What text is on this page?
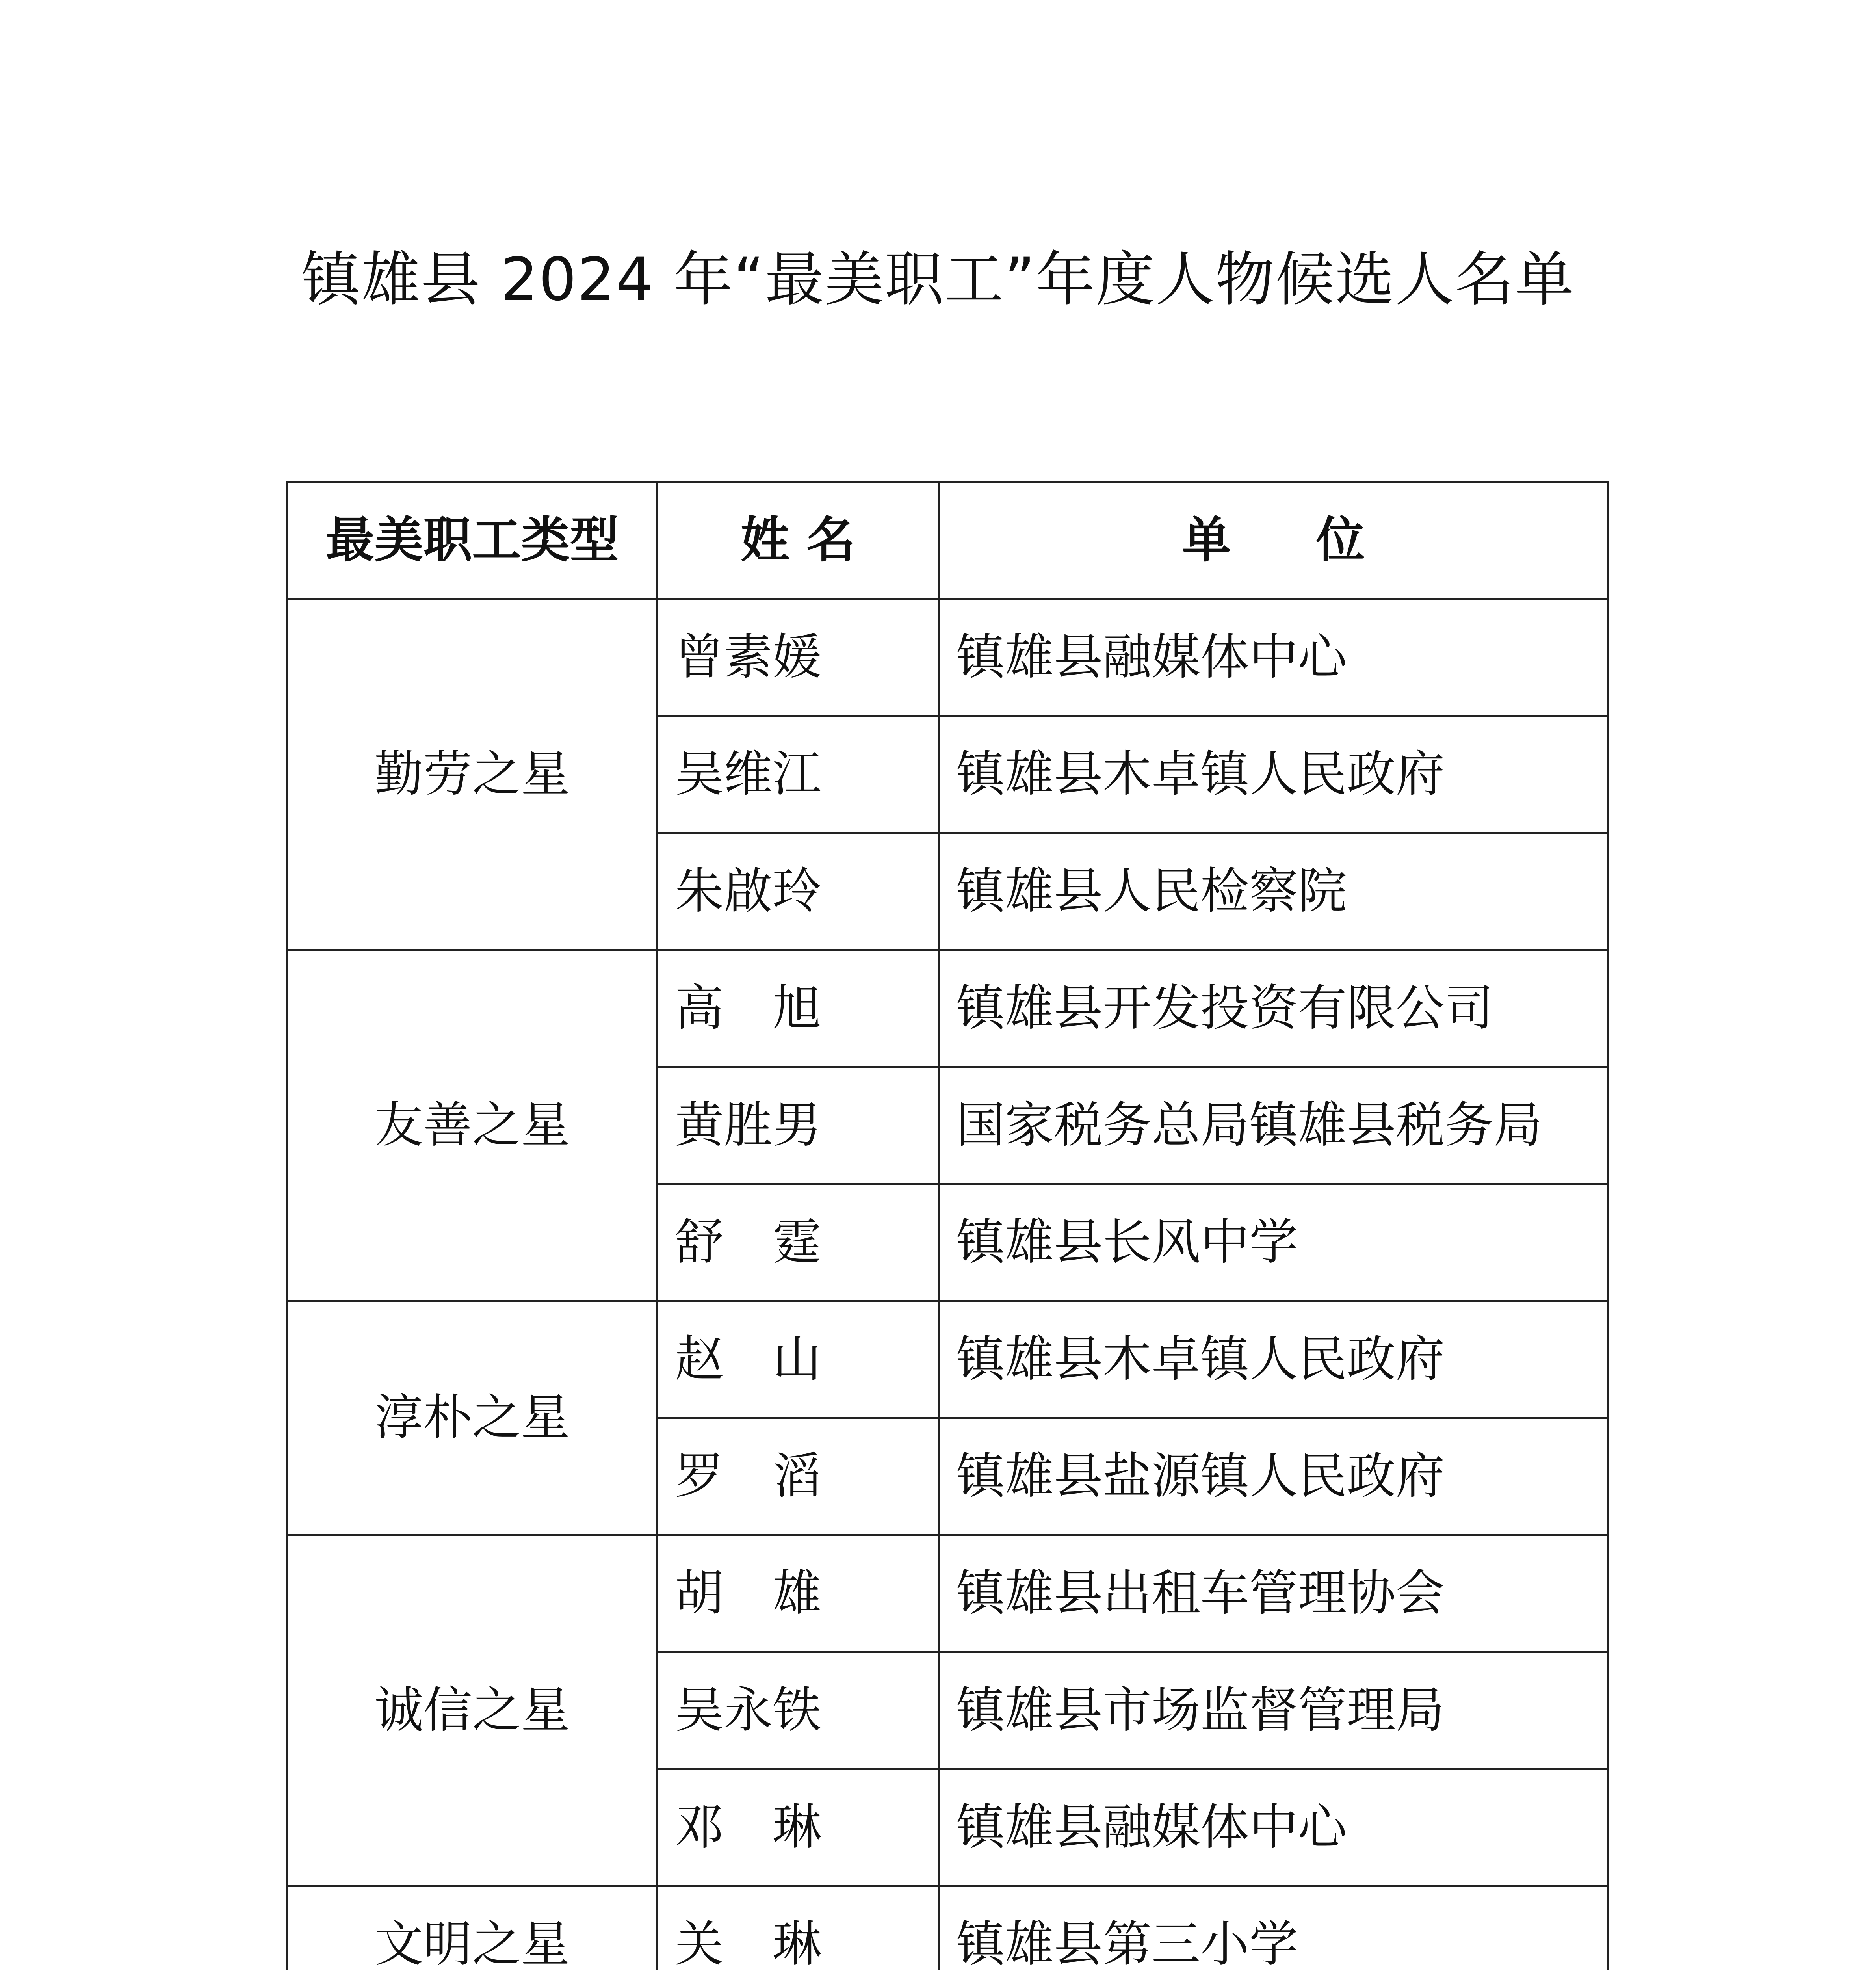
镇雄县 2024 年“最美职工”年度人物候选人名单
最美职工类型	姓 名	单     位
勤劳之星	曾素媛	镇雄县融媒体中心
	吴维江	镇雄县木卓镇人民政府
	朱啟玲	镇雄县人民检察院
友善之星	高　旭	镇雄县开发投资有限公司
	黄胜男	国家税务总局镇雄县税务局
	舒　霆	镇雄县长风中学
淳朴之星	赵　山	镇雄县木卓镇人民政府
	罗　滔	镇雄县盐源镇人民政府
诚信之星	胡　雄	镇雄县出租车管理协会
	吴永铁	镇雄县市场监督管理局
	邓　琳	镇雄县融媒体中心
文明之星	关　琳	镇雄县第三小学
